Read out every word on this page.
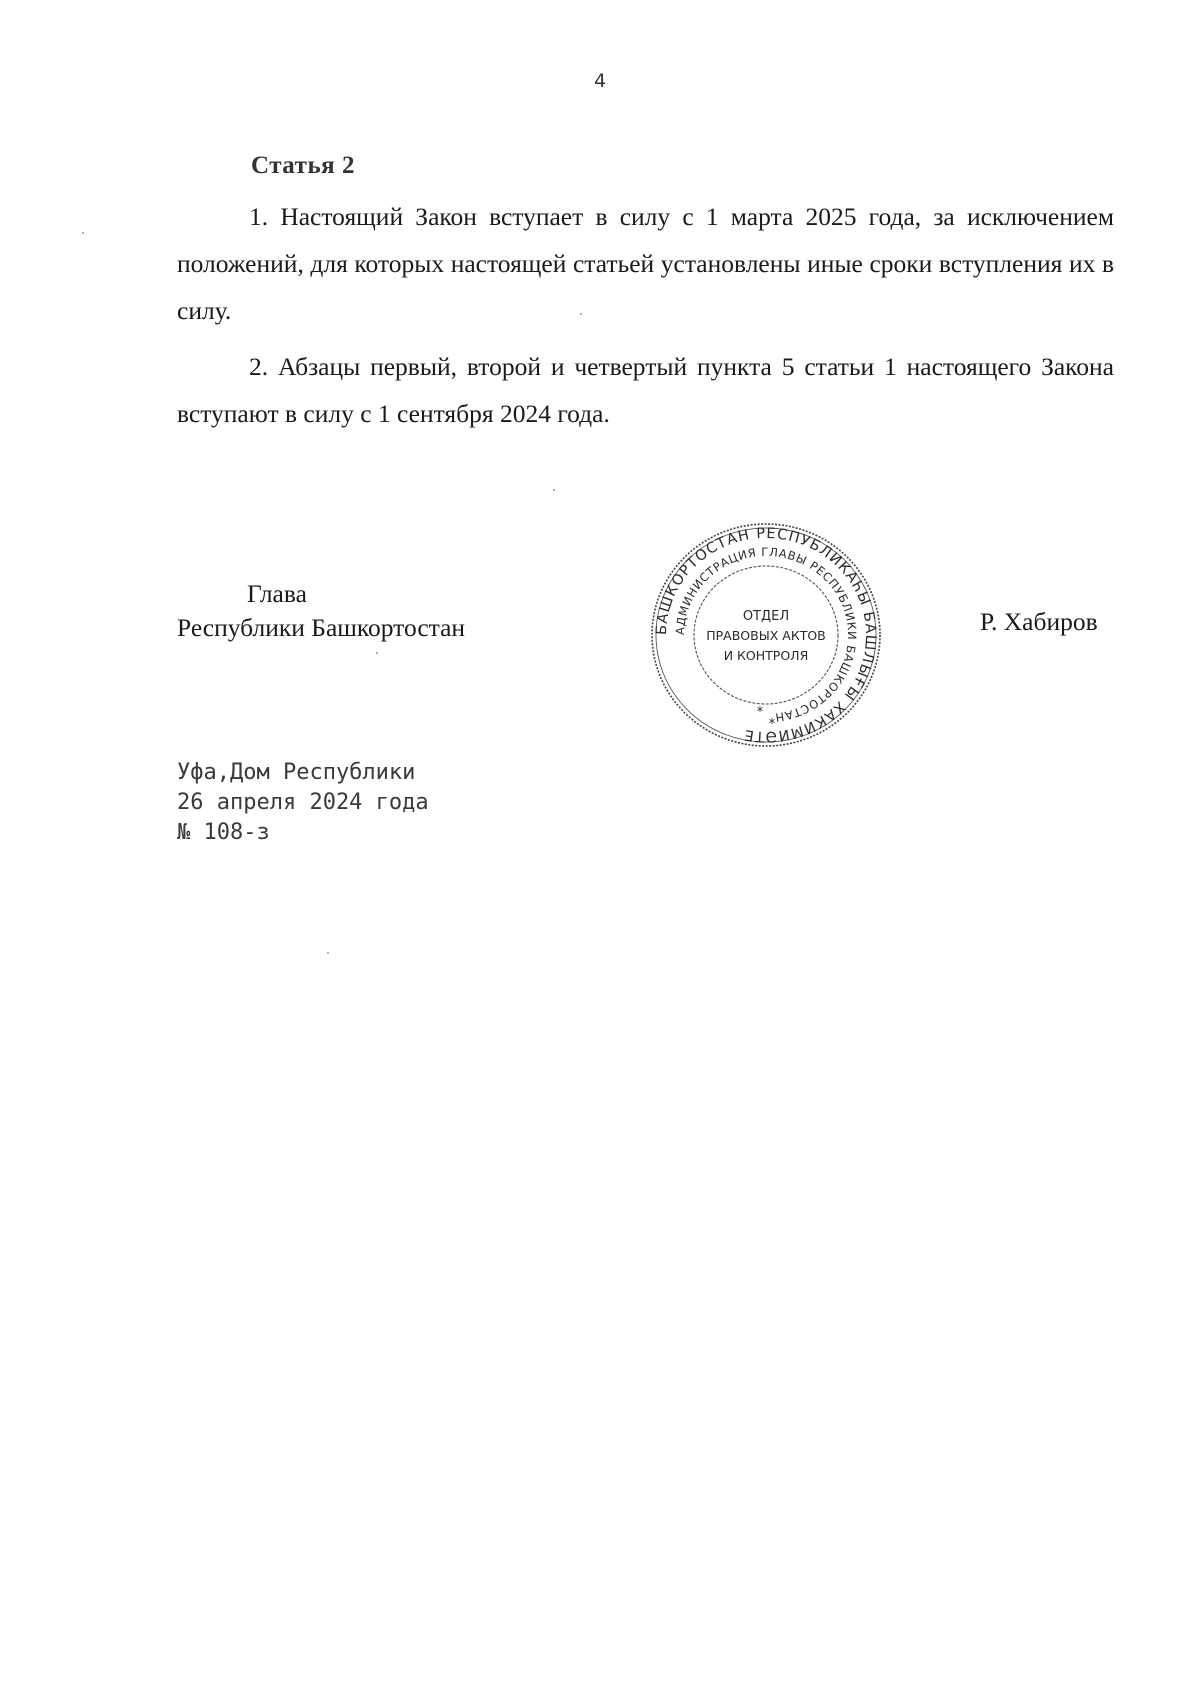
4
Статья 2

1. Настоящий Закон вступает в силу с 1 марта 2025 года, за исключением положений, для которых настоящей статьей установлены иные сроки вступления их в силу.

2. Абзацы первый, второй и четвертый пункта 5 статьи 1 настоящего Закона вступают в силу с 1 сентября 2024 года.

Глава
Республики Башкортостан	БАШКОРТОСТАН РЕСПУБЛИКАҺЫ БАШЛЫҒЫ ХАКИМИӘТЕ
АДМИНИСТРАЦИЯ ГЛАВЫ РЕСПУБЛИКИ БАШКОРТОСТАН
ОТДЕЛ
ПРАВОВЫХ АКТОВ
И КОНТРОЛЯ
*
*
Р. Хабиров
Уфа,Дом Республики
26 апреля 2024 года
№ 108-з
